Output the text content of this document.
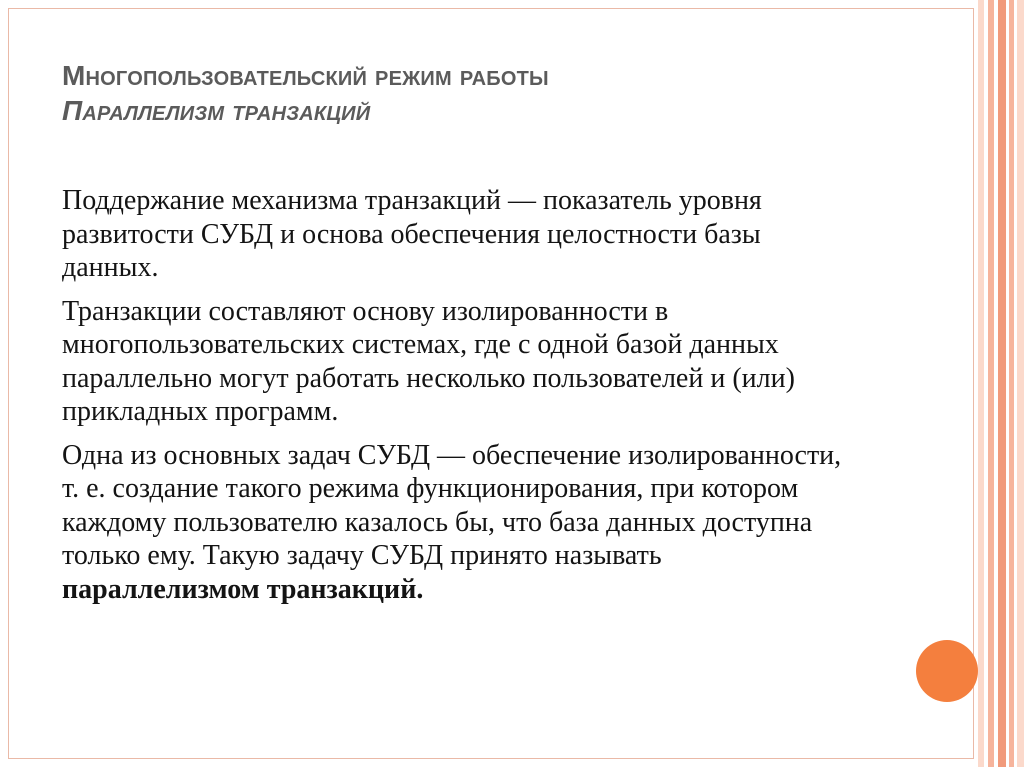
Многопользовательский режим работы
Параллелизм транзакций

Поддержание механизма транзакций — показатель уровня развитости СУБД и основа обеспечения целостности базы данных.

Транзакции составляют основу изолированности в многопользовательских системах, где с одной базой данных параллельно могут работать несколько пользователей и (или) прикладных программ.

Одна из основных задач СУБД — обеспечение изолированности, т. е. создание такого режима функционирования, при котором каждому пользователю казалось бы, что база данных доступна только ему. Такую задачу СУБД принято называть
параллелизмом транзакций.
